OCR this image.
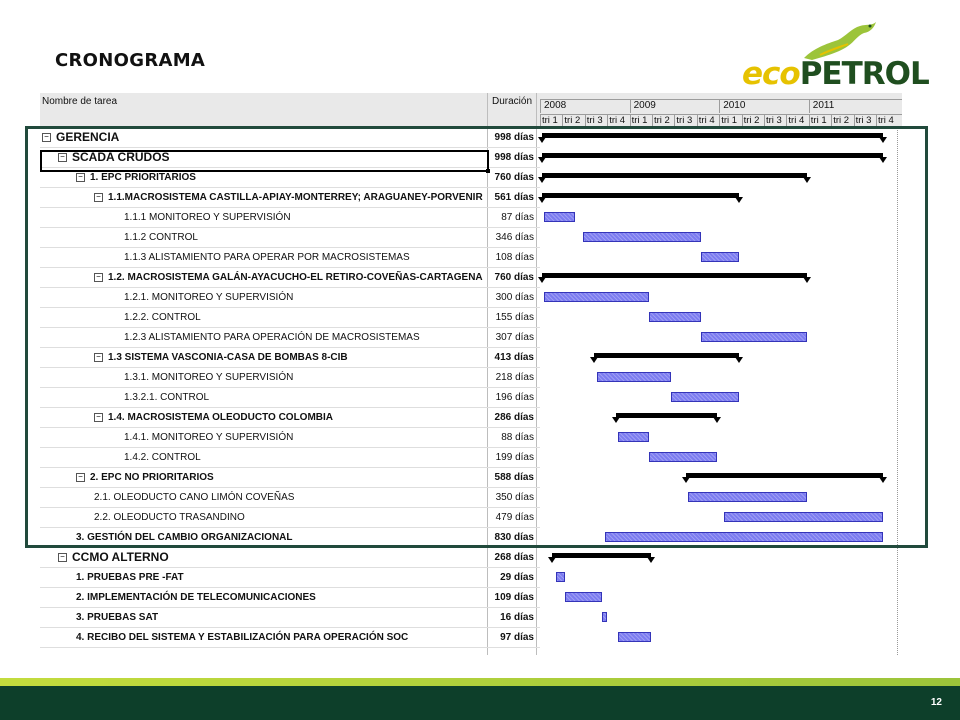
CRONOGRAMA	ecoPETROL
Nombre de tarea	Duración	2008	2009	2010	2011
tri 1 tri 2 tri 3 tri 4 tri 1 tri 2 tri 3 tri 4 tri 1 tri 2 tri 3 tri 4 tri 1 tri 2 tri 3 tri 4
− GERENCIA	998 días
− SCADA CRUDOS	998 días
− 1. EPC PRIORITARIOS	760 días
− 1.1.MACROSISTEMA CASTILLA-APIAY-MONTERREY; ARAGUANEY-PORVENIR	561 días
1.1.1 MONITOREO Y SUPERVISIÓN	87 días
1.1.2 CONTROL	346 días
1.1.3 ALISTAMIENTO PARA OPERAR POR MACROSISTEMAS	108 días
− 1.2. MACROSISTEMA GALÁN-AYACUCHO-EL RETIRO-COVEÑAS-CARTAGENA	760 días
1.2.1. MONITOREO Y SUPERVISIÓN	300 días
1.2.2. CONTROL	155 días
1.2.3 ALISTAMIENTO PARA OPERACIÓN DE MACROSISTEMAS	307 días
− 1.3 SISTEMA VASCONIA-CASA DE BOMBAS 8-CIB	413 días
1.3.1. MONITOREO Y SUPERVISIÓN	218 días
1.3.2.1. CONTROL	196 días
− 1.4. MACROSISTEMA OLEODUCTO COLOMBIA	286 días
1.4.1. MONITOREO Y SUPERVISIÓN	88 días
1.4.2. CONTROL	199 días
− 2. EPC NO PRIORITARIOS	588 días
2.1. OLEODUCTO CANO LIMÓN COVEÑAS	350 días
2.2. OLEODUCTO TRASANDINO	479 días
3. GESTIÓN DEL CAMBIO ORGANIZACIONAL	830 días
− CCMO ALTERNO	268 días
1. PRUEBAS PRE -FAT	29 días
2. IMPLEMENTACIÓN DE TELECOMUNICACIONES	109 días
3. PRUEBAS SAT	16 días
4. RECIBO DEL SISTEMA Y ESTABILIZACIÓN PARA OPERACIÓN SOC	97 días
12
